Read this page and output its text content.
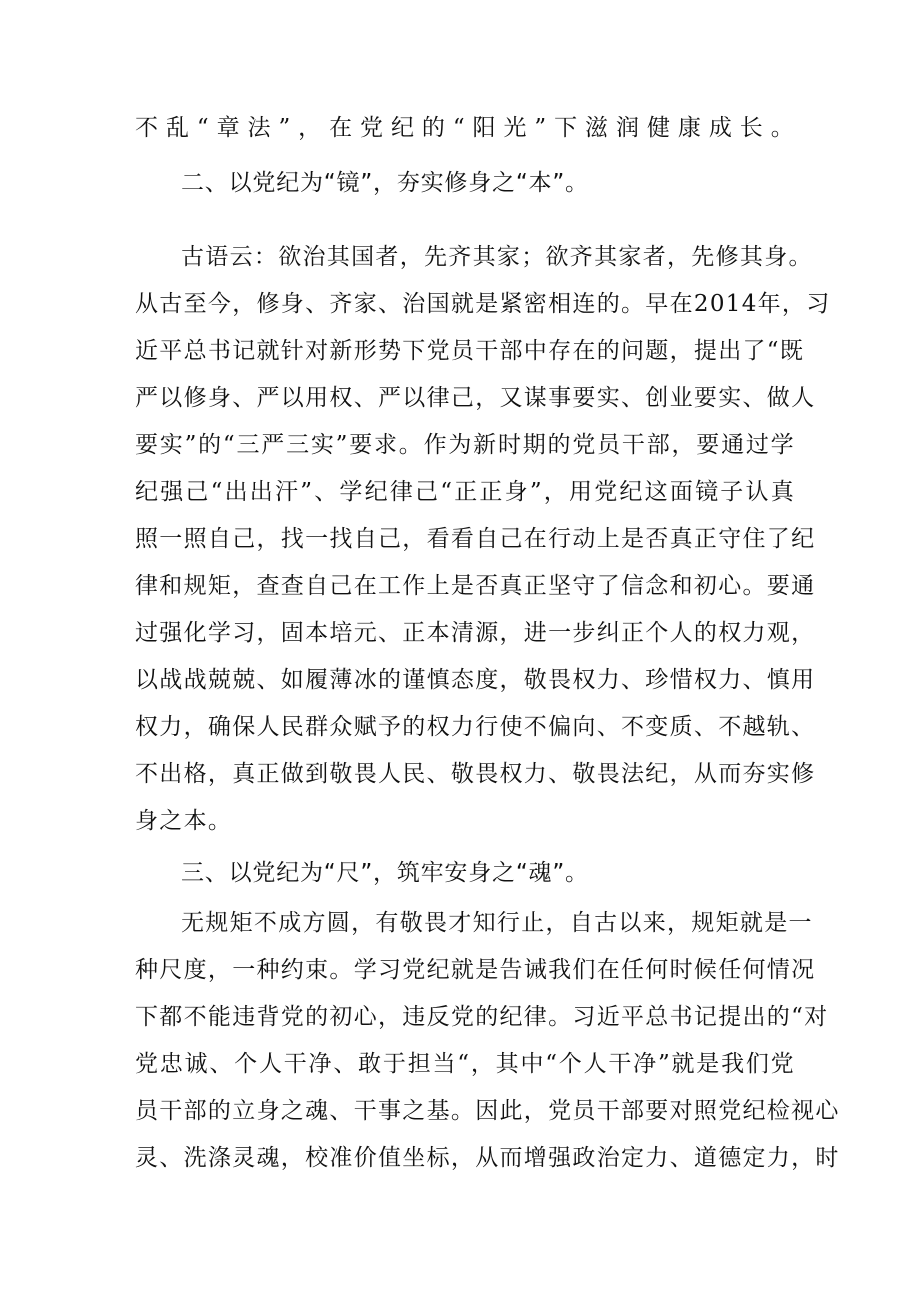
不乱“章法”，在党纪的“阳光”下滋润健康成长。
二、以党纪为“镜”，夯实修身之“本”。
古语云：欲治其国者，先齐其家；欲齐其家者，先修其身。
从古至今，修身、齐家、治国就是紧密相连的。早在2014年，习
近平总书记就针对新形势下党员干部中存在的问题，提出了“既
严以修身、严以用权、严以律己，又谋事要实、创业要实、做人
要实”的“三严三实”要求。作为新时期的党员干部，要通过学
纪强己“出出汗”、学纪律己“正正身”，用党纪这面镜子认真
照一照自己，找一找自己，看看自己在行动上是否真正守住了纪
律和规矩，查查自己在工作上是否真正坚守了信念和初心。要通
过强化学习，固本培元、正本清源，进一步纠正个人的权力观，
以战战兢兢、如履薄冰的谨慎态度，敬畏权力、珍惜权力、慎用
权力，确保人民群众赋予的权力行使不偏向、不变质、不越轨、
不出格，真正做到敬畏人民、敬畏权力、敬畏法纪，从而夯实修
身之本。
三、以党纪为“尺”，筑牢安身之“魂”。
无规矩不成方圆，有敬畏才知行止，自古以来，规矩就是一
种尺度，一种约束。学习党纪就是告诫我们在任何时候任何情况
下都不能违背党的初心，违反党的纪律。习近平总书记提出的“对
党忠诚、个人干净、敢于担当“，其中“个人干净”就是我们党
员干部的立身之魂、干事之基。因此，党员干部要对照党纪检视心
灵、洗涤灵魂，校准价值坐标，从而增强政治定力、道德定力，时
